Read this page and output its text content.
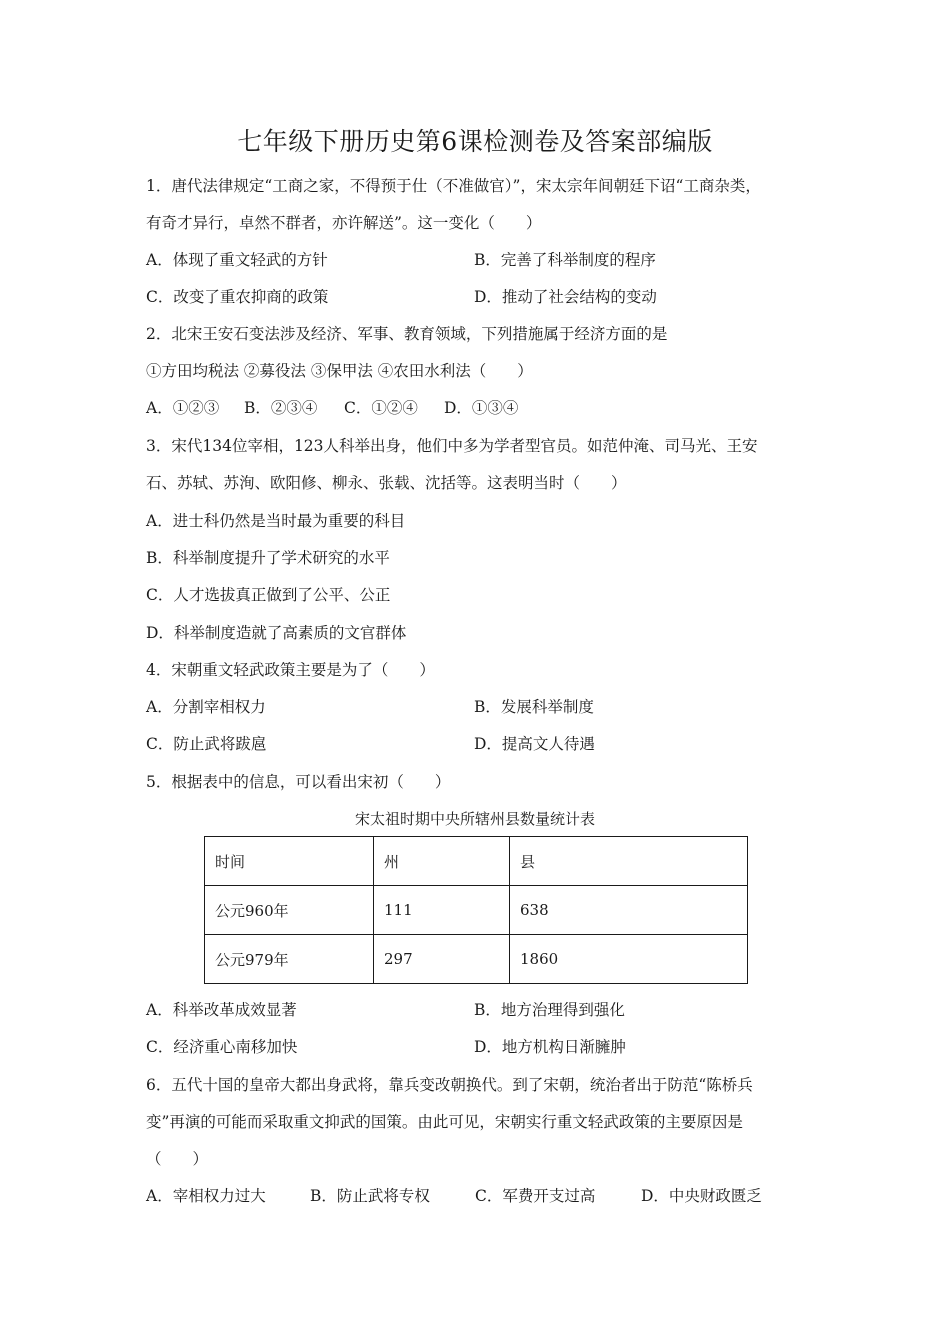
七年级下册历史第6课检测卷及答案部编版
1．唐代法律规定“工商之家，不得预于仕（不准做官）”，宋太宗年间朝廷下诏“工商杂类，
有奇才异行，卓然不群者，亦许解送”。这一变化（　　）
A．体现了重文轻武的方针	B．完善了科举制度的程序
C．改变了重农抑商的政策	D．推动了社会结构的变动
2．北宋王安石变法涉及经济、军事、教育领域，下列措施属于经济方面的是
①方田均税法 ②募役法 ③保甲法 ④农田水利法（　　）
A．①②③ B．②③④ C．①②④ D．①③④
3．宋代134位宰相，123人科举出身，他们中多为学者型官员。如范仲淹、司马光、王安
石、苏轼、苏洵、欧阳修、柳永、张载、沈括等。这表明当时（　　）
A．进士科仍然是当时最为重要的科目
B．科举制度提升了学术研究的水平
C．人才选拔真正做到了公平、公正
D．科举制度造就了高素质的文官群体
4．宋朝重文轻武政策主要是为了（　　）
A．分割宰相权力	B．发展科举制度
C．防止武将跋扈	D．提高文人待遇
5．根据表中的信息，可以看出宋初（　　）
宋太祖时期中央所辖州县数量统计表
时间	州	县
公元960年	111	638
公元979年	297	1860
A．科举改革成效显著	B．地方治理得到强化
C．经济重心南移加快	D．地方机构日渐臃肿
6．五代十国的皇帝大都出身武将，靠兵变改朝换代。到了宋朝，统治者出于防范“陈桥兵
变”再演的可能而采取重文抑武的国策。由此可见，宋朝实行重文轻武政策的主要原因是
（　　）
A．宰相权力过大	B．防止武将专权	C．军费开支过高	D．中央财政匮乏
